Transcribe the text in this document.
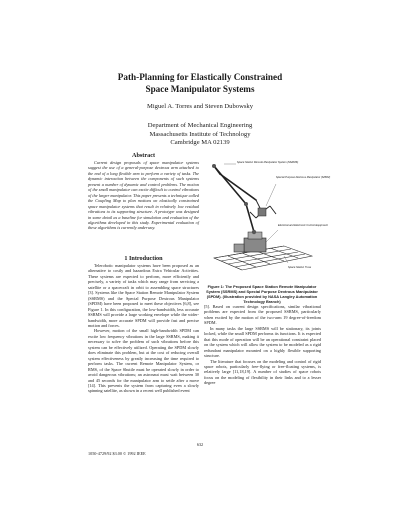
Path-Planning for Elastically Constrained
Space Manipulator Systems

Miguel A. Torres and Steven Dubowsky

Department of Mechanical Engineering
Massachusetts Institute of Technology
Cambridge MA 02139
Abstract

Current design proposals of space manipulator systems suggest the use of a general-purpose dextrous arm attached to the end of a long flexible arm to perform a variety of tasks. The dynamic interaction between the components of such systems present a number of dynamic and control problems. The motion of the small manipulator can excite difficult to control vibrations of the larger manipulator. This paper presents a technique called the Coupling Map to plan motions on elastically constrained space manipulator systems that result in relatively low residual vibrations to its supporting structure. A prototype was designed in some detail as a baseline for simulation and evaluation of the algorithms developed in this study. Experimental evaluation of these algorithms is currently underway.

1 Introduction

Telerobotic manipulator systems have been proposed as an alternative to costly and hazardous Extra Vehicular Activities. These systems are expected to perform, more efficiently and precisely, a variety of tasks which may range from servicing a satellite or a spacecraft in orbit to assembling space structures [3]. Systems like the Space Station Remote Manipulator System (SSRMS) and the Special Purpose Dextrous Manipulator (SPDM) have been proposed to meet these objectives [6,8], see Figure 1. In this configuration, the low-bandwidth, less accurate SSRMS will provide a large working envelope while the wider-bandwidth, more accurate SPDM will provide fast and precise motion and forces.

However, motion of the small high-bandwidth SPDM can excite low frequency vibrations in the large SSRMS, making it necessary to solve the problem of such vibrations before this system can be effectively utilized. Operating the SPDM slowly does eliminate this problem, but at the cost of reducing overall system effectiveness by greatly increasing the time required to perform tasks. The current Remote Manipulator System, or RMS, of the Space Shuttle must be operated slowly in order to avoid dangerous vibrations; an astronaut must wait between 30 and 45 seconds for the manipulator arm to settle after a move [14]. This prevents the system from capturing even a slowly spinning satellite, as shown in a recent well published event

Space Station Remote Manipulator System (SSRMS)
Special Purpose Dextrous Manipulator (SPDM)
Electrical and Electronic Control Equipment
Space Station Truss

Figure 1: The Proposed Space Station Remote Manipulator System (SSRMS) and Special Purpose Dextrous Manipulator (SPDM). (Illustration provided by NASA Langley Automation Technology Branch)

[5]. Based on current design specifications, similar vibrational problems are expected from the proposed SSRMS, particularly when excited by the motion of the two-arm 19 degree-of-freedom SPDM.

In many tasks the large SSRMS will be stationary, its joints locked, while the small SPDM performs its functions. It is expected that this mode of operation will be an operational constraint placed on the system which will allow the system to be modeled as a rigid redundant manipulator mounted on a highly flexible supporting structure.

The literature that focuses on the modeling and control of rigid space robots, particularly free-flying or free-floating systems, is relatively large [11,18,19]. A number of studies of space robots focus on the modeling of flexibility in their links and to a lesser degree

632

1050-4729/92 $3.00 © 1992 IEEE
